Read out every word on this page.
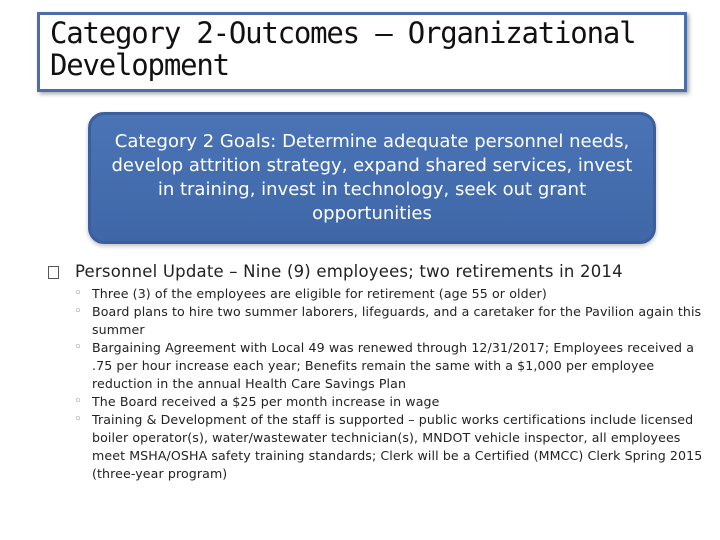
Category 2-Outcomes – Organizational
Development

Category 2 Goals: Determine adequate personnel needs, develop attrition strategy, expand shared services, invest in training, invest in technology, seek out grant opportunities

Personnel Update – Nine (9) employees; two retirements in 2014
◦ Three (3) of the employees are eligible for retirement (age 55 or older)
◦ Board plans to hire two summer laborers, lifeguards, and a caretaker for the Pavilion again this summer
◦ Bargaining Agreement with Local 49 was renewed through 12/31/2017; Employees received a .75 per hour increase each year; Benefits remain the same with a $1,000 per employee reduction in the annual Health Care Savings Plan
◦ The Board received a $25 per month increase in wage
◦ Training & Development of the staff is supported – public works certifications include licensed boiler operator(s), water/wastewater technician(s), MNDOT vehicle inspector, all employees meet MSHA/OSHA safety training standards; Clerk will be a Certified (MMCC) Clerk Spring 2015 (three-year program)
